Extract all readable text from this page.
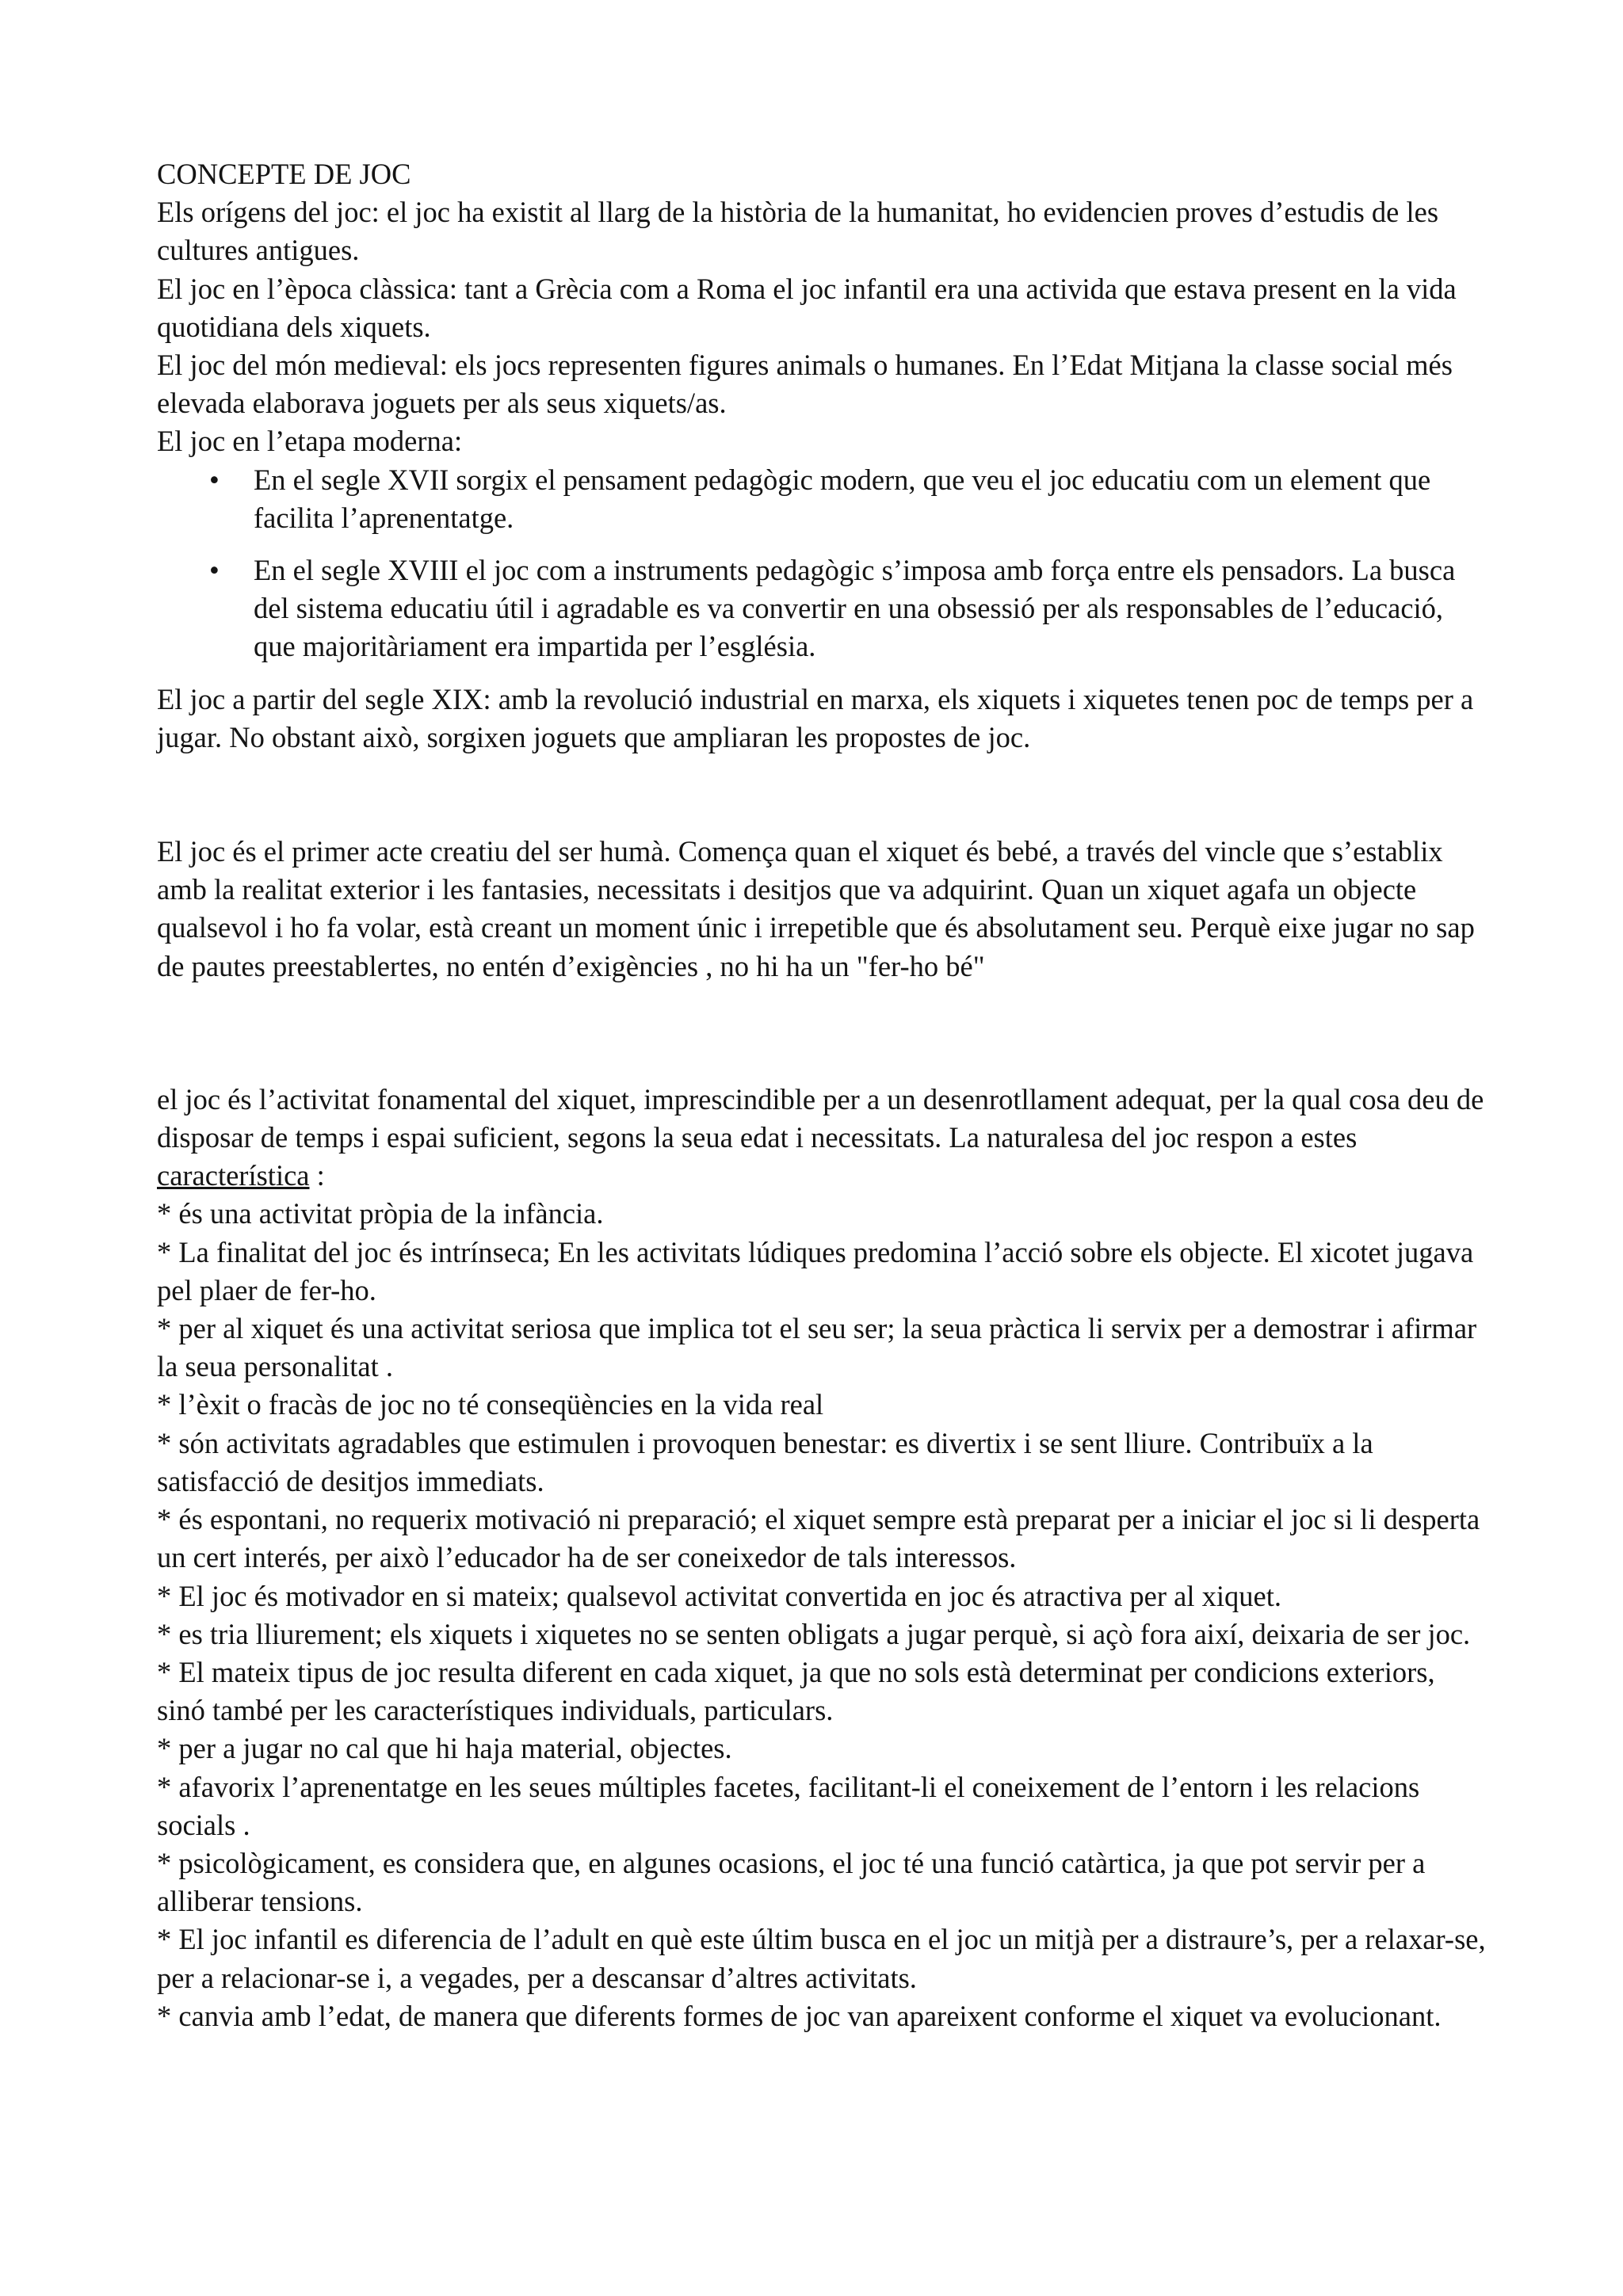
CONCEPTE DE JOC

Els orígens del joc: el joc ha existit al llarg de la història de la humanitat, ho evidencien proves d’estudis de les cultures antigues.

El joc en l’època clàssica: tant a Grècia com a Roma el joc infantil era una activida que estava present en la vida quotidiana dels xiquets.

El joc del món medieval: els jocs representen figures animals o humanes. En l’Edat Mitjana la classe social més elevada elaborava joguets per als seus xiquets/as.

El joc en l’etapa moderna:

• En el segle XVII sorgix el pensament pedagògic modern, que veu el joc educatiu com un element que facilita l’aprenentatge.
• En el segle XVIII el joc com a instruments pedagògic s’imposa amb força entre els pensadors. La busca del sistema educatiu útil i agradable es va convertir en una obsessió per als responsables de l’educació, que majoritàriament era impartida per l’església.

El joc a partir del segle XIX: amb la revolució industrial en marxa, els xiquets i xiquetes tenen poc de temps per a jugar. No obstant això, sorgixen joguets que ampliaran les propostes de joc.

El joc és el primer acte creatiu del ser humà. Comença quan el xiquet és bebé, a través del vincle que s’establix amb la realitat exterior i les fantasies, necessitats i desitjos que va adquirint. Quan un xiquet agafa un objecte qualsevol i ho fa volar, està creant un moment únic i irrepetible que és absolutament seu. Perquè eixe jugar no sap de pautes preestablertes, no entén d’exigències , no hi ha un "fer-ho bé"

el joc és l’activitat fonamental del xiquet, imprescindible per a un desenrotllament adequat, per la qual cosa deu de disposar de temps i espai suficient, segons la seua edat i necessitats. La naturalesa del joc respon a estes característica :

* és una activitat pròpia de la infància.

* La finalitat del joc és intrínseca; En les activitats lúdiques predomina l’acció sobre els objecte. El xicotet jugava pel plaer de fer-ho.

* per al xiquet és una activitat seriosa que implica tot el seu ser; la seua pràctica li servix per a demostrar i afirmar la seua personalitat .

* l’èxit o fracàs de joc no té conseqüències en la vida real

* són activitats agradables que estimulen i provoquen benestar: es divertix i se sent lliure. Contribuïx a la satisfacció de desitjos immediats.

* és espontani, no requerix motivació ni preparació; el xiquet sempre està preparat per a iniciar el joc si li desperta un cert interés, per això l’educador ha de ser coneixedor de tals interessos.

* El joc és motivador en si mateix; qualsevol activitat convertida en joc és atractiva per al xiquet.

* es tria lliurement; els xiquets i xiquetes no se senten obligats a jugar perquè, si açò fora així, deixaria de ser joc.

* El mateix tipus de joc resulta diferent en cada xiquet, ja que no sols està determinat per condicions exteriors, sinó també per les característiques individuals, particulars.

* per a jugar no cal que hi haja material, objectes.

* afavorix l’aprenentatge en les seues múltiples facetes, facilitant-li el coneixement de l’entorn i les relacions socials .

* psicològicament, es considera que, en algunes ocasions, el joc té una funció catàrtica, ja que pot servir per a alliberar tensions.

* El joc infantil es diferencia de l’adult en què este últim busca en el joc un mitjà per a distraure’s, per a relaxar-se, per a relacionar-se i, a vegades, per a descansar d’altres activitats.

* canvia amb l’edat, de manera que diferents formes de joc van apareixent conforme el xiquet va evolucionant.
